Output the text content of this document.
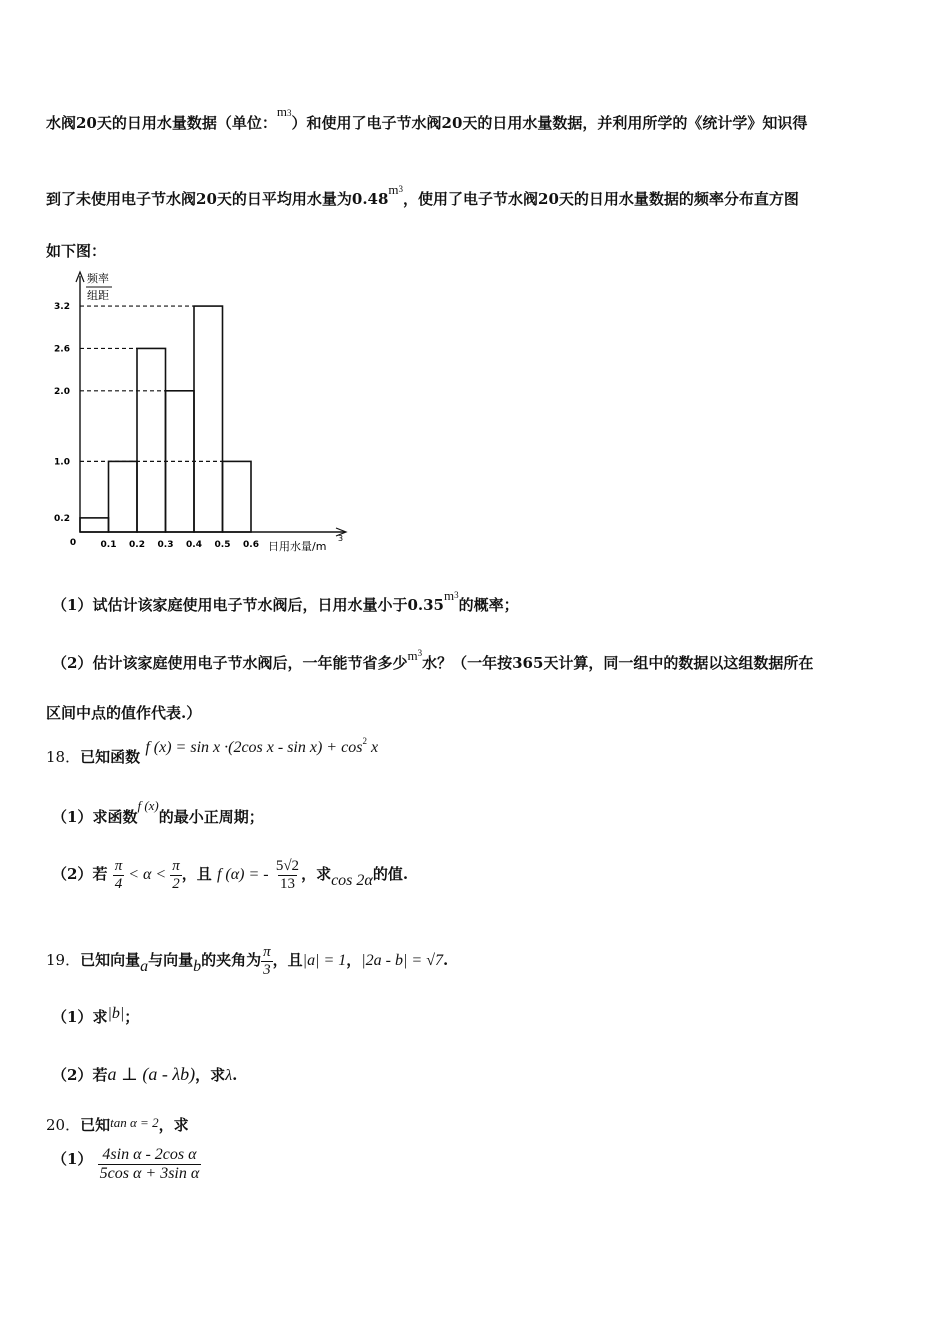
水阀20天的日用水量数据（单位：$m^3$）和使用了电子节水阀20天的日用水量数据，并利用所学的《统计学》知识得
到了未使用电子节水阀20天的日平均用水量为$0.48m^3$，使用了电子节水阀20天的日用水量数据的频率分布直方图
如下图：
频率
组距
0	日用水量/m
3
0.2
1.0
2.0
2.6
3.2
0.1 0.2 0.3 0.4 0.5 0.6
（1）试估计该家庭使用电子节水阀后，日用水量小于$0.35m^3$的概率；
（2）估计该家庭使用电子节水阀后，一年能节省多少$m^3$水？（一年按365天计算，同一组中的数据以这组数据所在
区间中点的值作代表.）
18．已知函数 f (x) = sin x ·(2cos $x - \sin x) + \cos^2 x$
（1）求函数f (x)的最小正周期；
（2）若 $\frac{\pi}{4} < \alpha < \frac{\pi}{2}$ ，且 f (α) = - $\frac{5√2}{13}$ ，求cos 2α的值.
19．已知向量a与向量b的夹角为 $\frac{\pi}{3}$ ，且|a| = 1，|2a - b| = √7.
（1）求|b|；
（2）若a ⊥ (a - λb)，求λ.
20．已知tan α = 2，求
$(1) \frac{\text{4sin α - 2cos α}}{\text{5cos α + 3sin α}}$
